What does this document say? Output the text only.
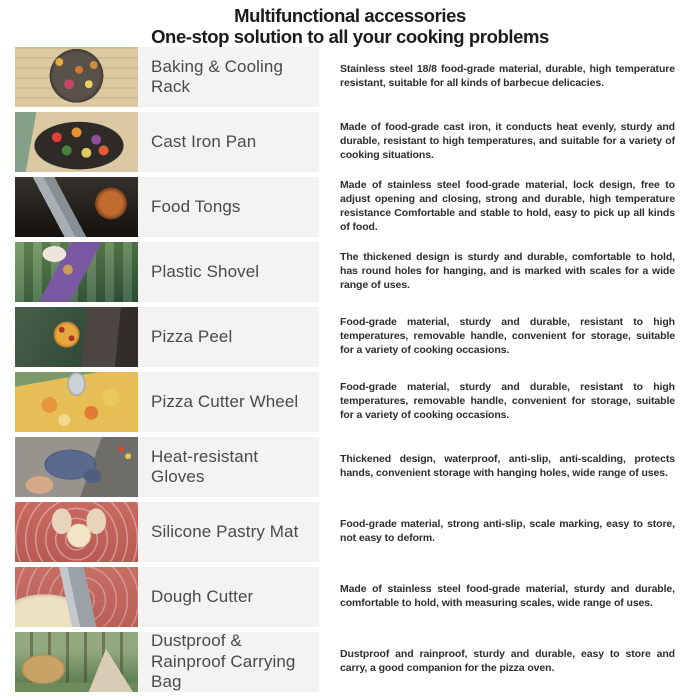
Multifunctional accessories
One-stop solution to all your cooking problems
Baking & Cooling Rack

Stainless steel 18/8 food-grade material, durable, high temperature resistant, suitable for all kinds of barbecue delicacies.

Cast Iron Pan

Made of food-grade cast iron, it conducts heat evenly, sturdy and durable, resistant to high temperatures, and suitable for a variety of cooking situations.

Food Tongs

Made of stainless steel food-grade material, lock design, free to adjust opening and closing, strong and durable, high temperature resistance Comfortable and stable to hold, easy to pick up all kinds of food.

Plastic Shovel

The thickened design is sturdy and durable, comfortable to hold, has round holes for hanging, and is marked with scales for a wide range of uses.

Pizza Peel

Food-grade material, sturdy and durable, resistant to high temperatures, removable handle, convenient for storage, suitable for a variety of cooking occasions.

Pizza Cutter Wheel

Food-grade material, sturdy and durable, resistant to high temperatures, removable handle, convenient for storage, suitable for a variety of cooking occasions.

Heat-resistant Gloves

Thickened design, waterproof, anti-slip, anti-scalding, protects hands, convenient storage with hanging holes, wide range of uses.

Silicone Pastry Mat	Food-grade material, strong anti-slip, scale marking, easy to store, not easy to deform.

Dough Cutter	Made of stainless steel food-grade material, sturdy and durable, comfortable to hold, with measuring scales, wide range of uses.

Dustproof & Rainproof Carrying Bag

Dustproof and rainproof, sturdy and durable, easy to store and carry, a good companion for the pizza oven.
